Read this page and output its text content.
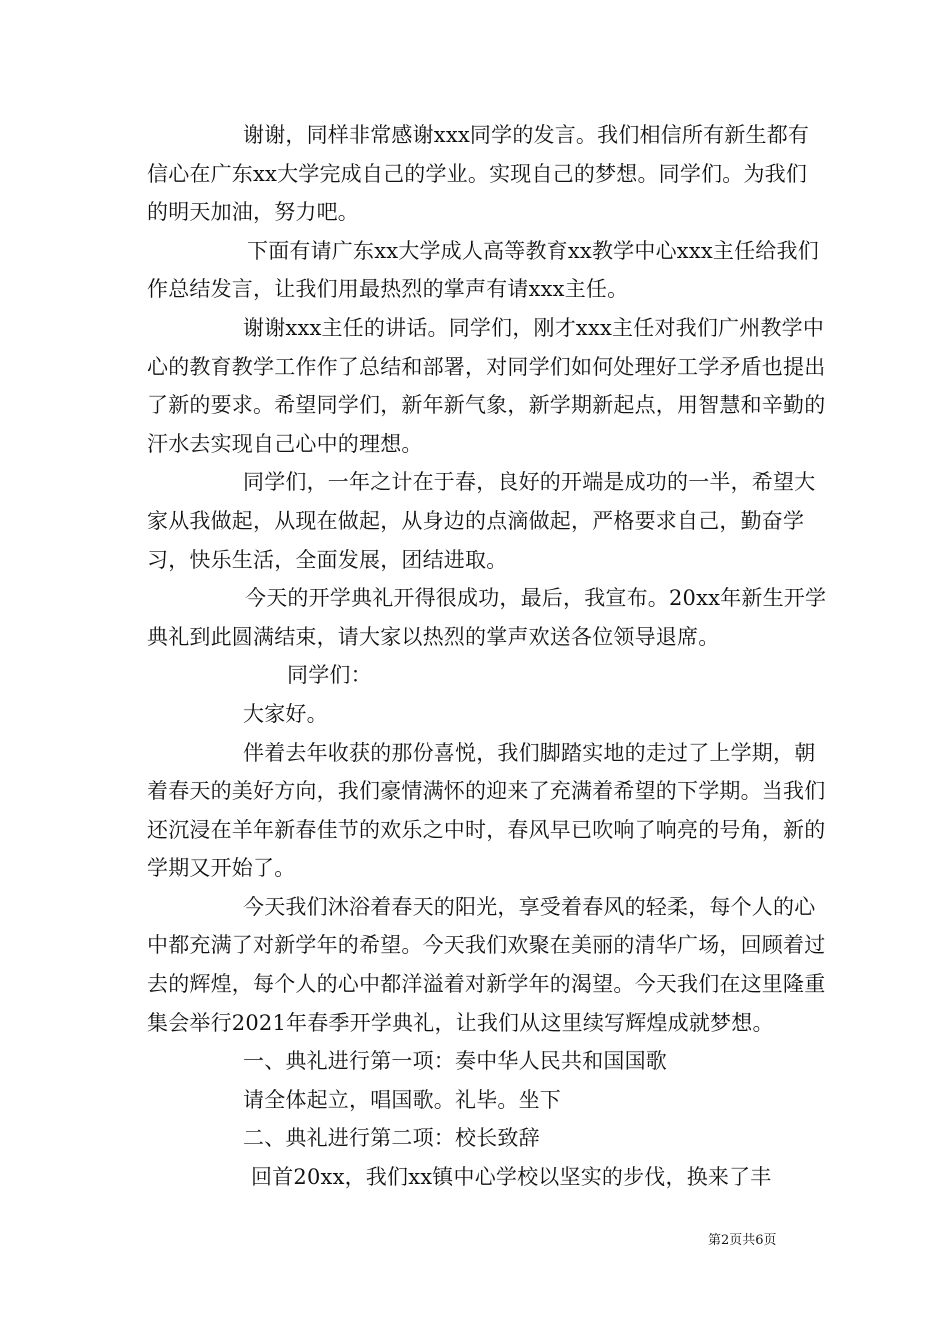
谢谢，同样非常感谢xxx同学的发言。我们相信所有新生都有信心在广东xx大学完成自己的学业。实现自己的梦想。同学们。为我们的明天加油，努力吧。

下面有请广东xx大学成人高等教育xx教学中心xxx主任给我们作总结发言，让我们用最热烈的掌声有请xxx主任。

谢谢xxx主任的讲话。同学们，刚才xxx主任对我们广州教学中心的教育教学工作作了总结和部署，对同学们如何处理好工学矛盾也提出了新的要求。希望同学们，新年新气象，新学期新起点，用智慧和辛勤的汗水去实现自己心中的理想。

同学们，一年之计在于春，良好的开端是成功的一半，希望大家从我做起，从现在做起，从身边的点滴做起，严格要求自己，勤奋学习，快乐生活，全面发展，团结进取。

今天的开学典礼开得很成功，最后，我宣布。20xx年新生开学典礼到此圆满结束，请大家以热烈的掌声欢送各位领导退席。

同学们：

大家好。

伴着去年收获的那份喜悦，我们脚踏实地的走过了上学期，朝着春天的美好方向，我们豪情满怀的迎来了充满着希望的下学期。当我们还沉浸在羊年新春佳节的欢乐之中时，春风早已吹响了响亮的号角，新的学期又开始了。

今天我们沐浴着春天的阳光，享受着春风的轻柔，每个人的心中都充满了对新学年的希望。今天我们欢聚在美丽的清华广场，回顾着过去的辉煌，每个人的心中都洋溢着对新学年的渴望。今天我们在这里隆重集会举行2021年春季开学典礼，让我们从这里续写辉煌成就梦想。

一、典礼进行第一项：奏中华人民共和国国歌

请全体起立，唱国歌。礼毕。坐下

二、典礼进行第二项：校长致辞

回首20xx，我们xx镇中心学校以坚实的步伐，换来了丰

第2页共6页
